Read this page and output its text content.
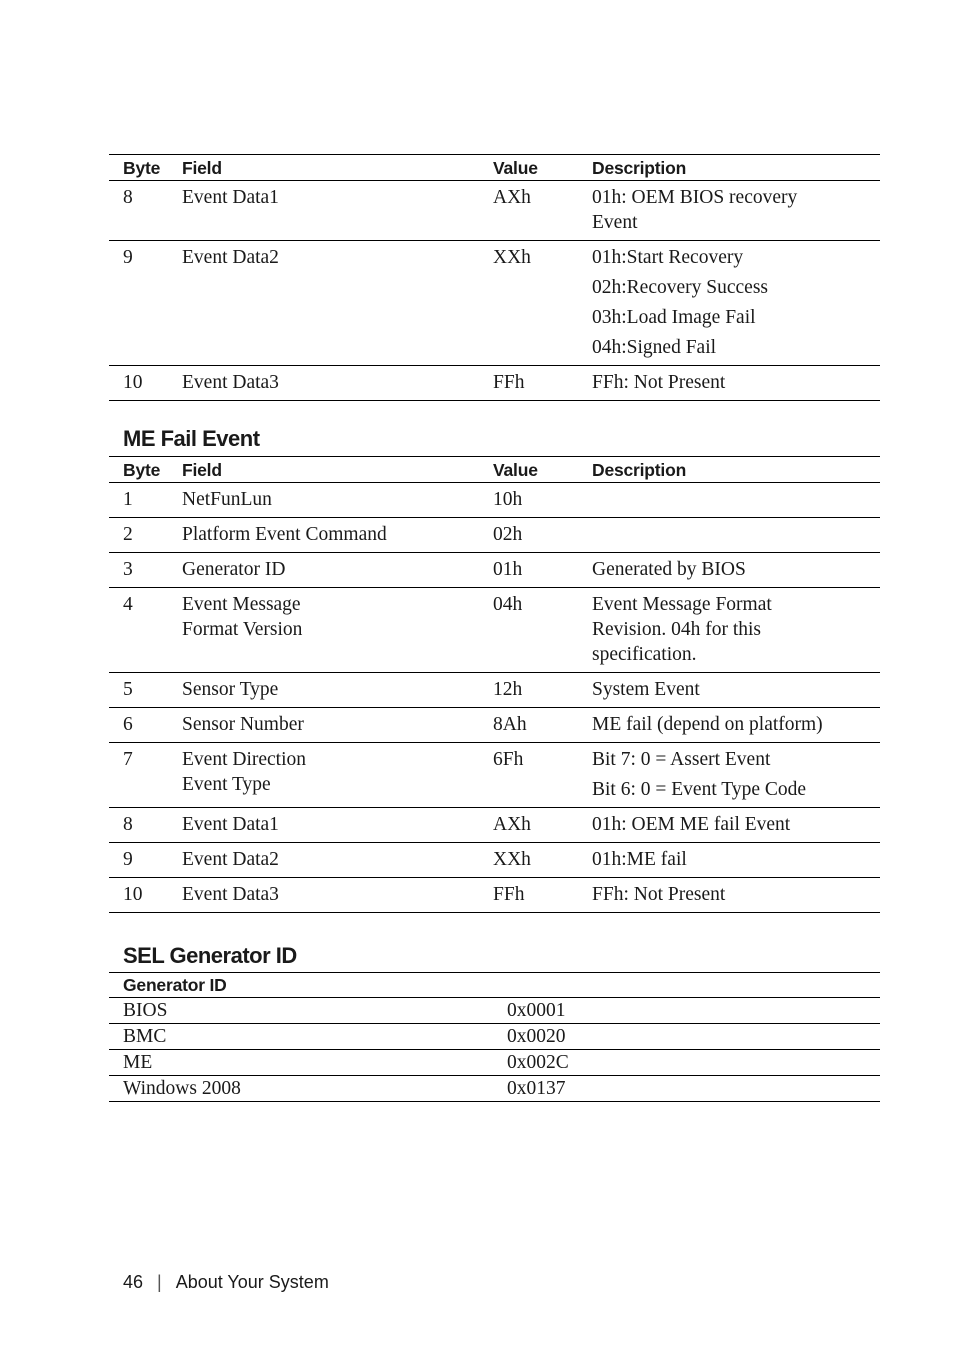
Byte	Field	Value	Description
8	Event Data1	AXh	01h: OEM BIOS recovery
Event

9	Event Data2	XXh	01h:Start Recovery
02h:Recovery Success
03h:Load Image Fail
04h:Signed Fail

10	Event Data3	FFh	FFh: Not Present
ME Fail Event
Byte	Field	Value	Description
1	NetFunLun	10h	

2	Platform Event Command	02h	

3	Generator ID	01h	Generated by BIOS

4	Event Message
Format Version	04h	Event Message Format
Revision. 04h for this
specification.

5	Sensor Type	12h	System Event

6	Sensor Number	8Ah	ME fail (depend on platform)

7	Event Direction
Event Type	6Fh	Bit 7: 0 = Assert Event
Bit 6: 0 = Event Type Code

8	Event Data1	AXh	01h: OEM ME fail Event

9	Event Data2	XXh	01h:ME fail

10	Event Data3	FFh	FFh: Not Present
SEL Generator ID
Generator ID	
BIOS	0x0001
BMC	0x0020
ME	0x002C
Windows 2008	0x0137
46 | About Your System
